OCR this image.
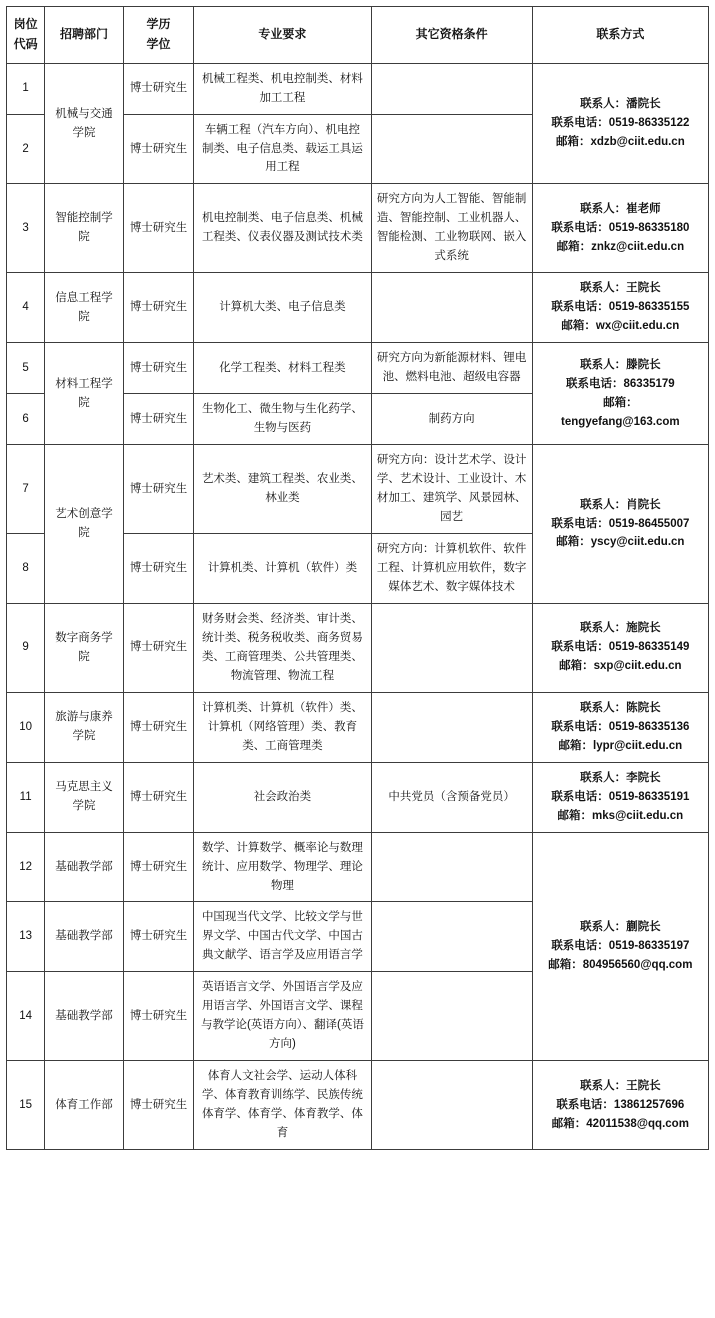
岗位
代码	招聘部门	学历
学位	专业要求	其它资格条件	联系方式
1	机械与交通学院	博士研究生	机械工程类、机电控制类、材料加工工程		联系人：潘院长
联系电话：0519-86335122
邮箱：xdzb@ciit.edu.cn

2		博士研究生	车辆工程（汽车方向）、机电控制类、电子信息类、载运工具运用工程		
3	智能控制学院	博士研究生	机电控制类、电子信息类、机械工程类、仪表仪器及测试技术类	研究方向为人工智能、智能制造、智能控制、工业机器人、智能检测、工业物联网、嵌入式系统	联系人：崔老师
联系电话：0519-86335180
邮箱：znkz@ciit.edu.cn

4	信息工程学院	博士研究生	计算机大类、电子信息类		联系人：王院长
联系电话：0519-86335155
邮箱：wx@ciit.edu.cn

5	材料工程学院	博士研究生	化学工程类、材料工程类	研究方向为新能源材料、锂电池、燃料电池、超级电容器	联系人：滕院长
联系电话：86335179
邮箱：
tengyefang@163.com

6		博士研究生	生物化工、微生物与生化药学、生物与医药	制药方向	
7	艺术创意学院	博士研究生	艺术类、建筑工程类、农业类、林业类	研究方向：设计艺术学、设计学、艺术设计、工业设计、木材加工、建筑学、风景园林、园艺	联系人：肖院长
联系电话：0519-86455007
邮箱：yscy@ciit.edu.cn

8		博士研究生	计算机类、计算机（软件）类	研究方向：计算机软件、软件工程、计算机应用软件，数字媒体艺术、数字媒体技术	
9	数字商务学院	博士研究生	财务财会类、经济类、审计类、统计类、税务税收类、商务贸易类、工商管理类、公共管理类、物流管理、物流工程		联系人：施院长
联系电话：0519-86335149
邮箱：sxp@ciit.edu.cn

10	旅游与康养学院	博士研究生	计算机类、计算机（软件）类、计算机（网络管理）类、教育类、工商管理类		联系人：陈院长
联系电话：0519-86335136
邮箱：lypr@ciit.edu.cn

11	马克思主义学院	博士研究生	社会政治类	中共党员（含预备党员）	联系人：李院长
联系电话：0519-86335191
邮箱：mks@ciit.edu.cn

12	基础教学部	博士研究生	数学、计算数学、概率论与数理统计、应用数学、物理学、理论物理		联系人：蒯院长
联系电话：0519-86335197
邮箱：804956560@qq.com

13	基础教学部	博士研究生	中国现当代文学、比较文学与世界文学、中国古代文学、中国古典文献学、语言学及应用语言学		
14	基础教学部	博士研究生	英语语言文学、外国语言学及应用语言学、外国语言文学、课程与教学论(英语方向）、翻译(英语方向)		
15	体育工作部	博士研究生	体育人文社会学、运动人体科学、体育教育训练学、民族传统体育学、体育学、体育教学、体育		联系人：王院长
联系电话：13861257696
邮箱：42011538@qq.com
